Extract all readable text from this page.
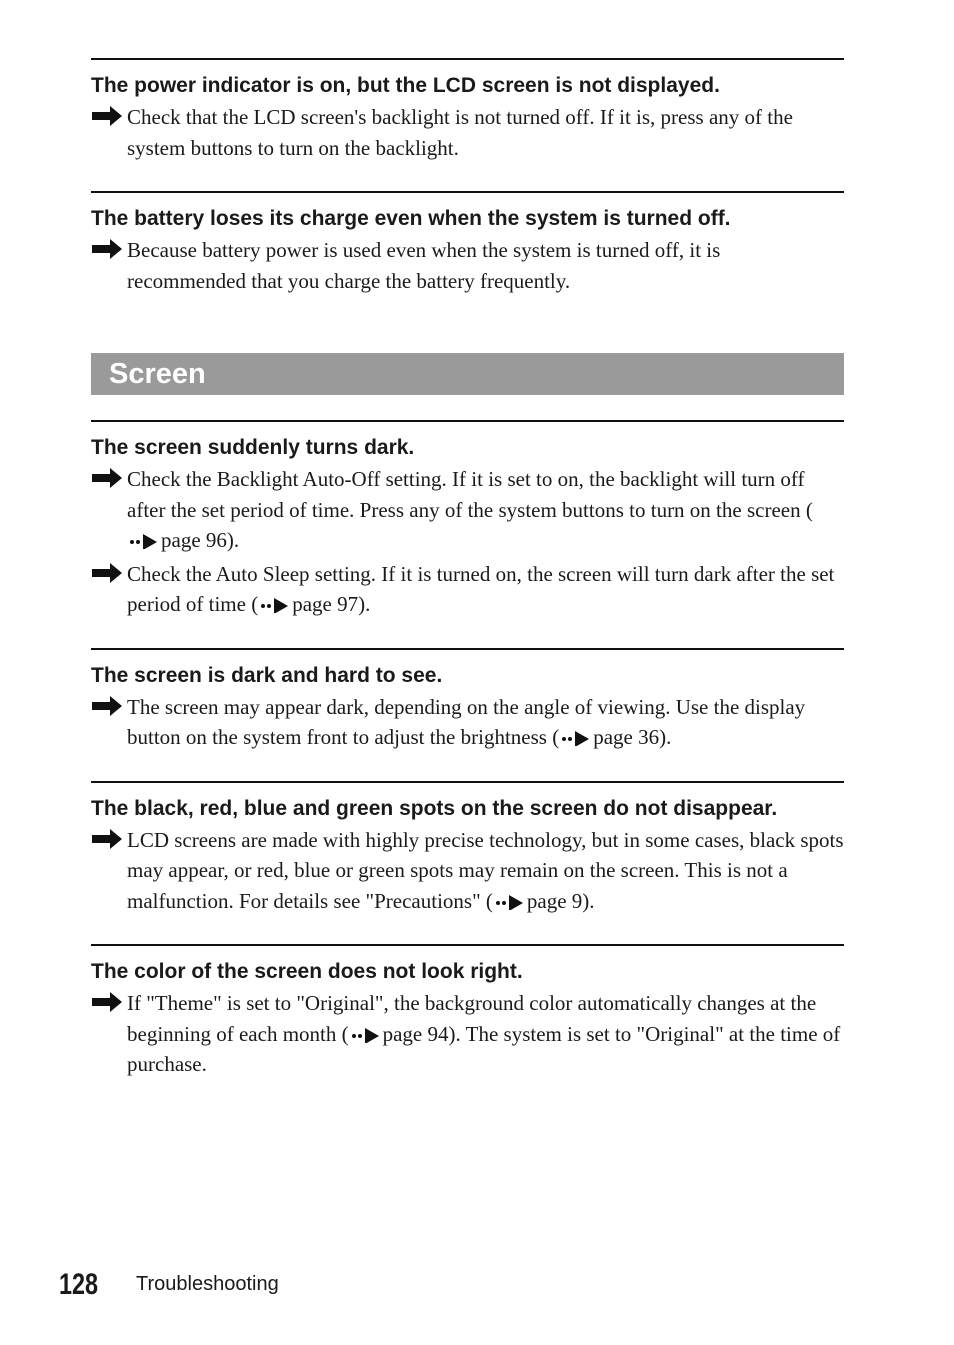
The power indicator is on, but the LCD screen is not displayed.
Check that the LCD screen's backlight is not turned off. If it is, press any of the system buttons to turn on the backlight.
The battery loses its charge even when the system is turned off.
Because battery power is used even when the system is turned off, it is recommended that you charge the battery frequently.
Screen
The screen suddenly turns dark.
Check the Backlight Auto-Off setting. If it is set to on, the backlight will turn off after the set period of time. Press any of the system buttons to turn on the screen (page 96).
Check the Auto Sleep setting. If it is turned on, the screen will turn dark after the set period of time ( page 97).
The screen is dark and hard to see.
The screen may appear dark, depending on the angle of viewing. Use the display button on the system front to adjust the brightness ( page 36).
The black, red, blue and green spots on the screen do not disappear.
LCD screens are made with highly precise technology, but in some cases, black spots may appear, or red, blue or green spots may remain on the screen. This is not a malfunction. For details see "Precautions" ( page 9).
The color of the screen does not look right.
If "Theme" is set to "Original", the background color automatically changes at the beginning of each month ( page 94). The system is set to "Original" at the time of purchase.
128 Troubleshooting
